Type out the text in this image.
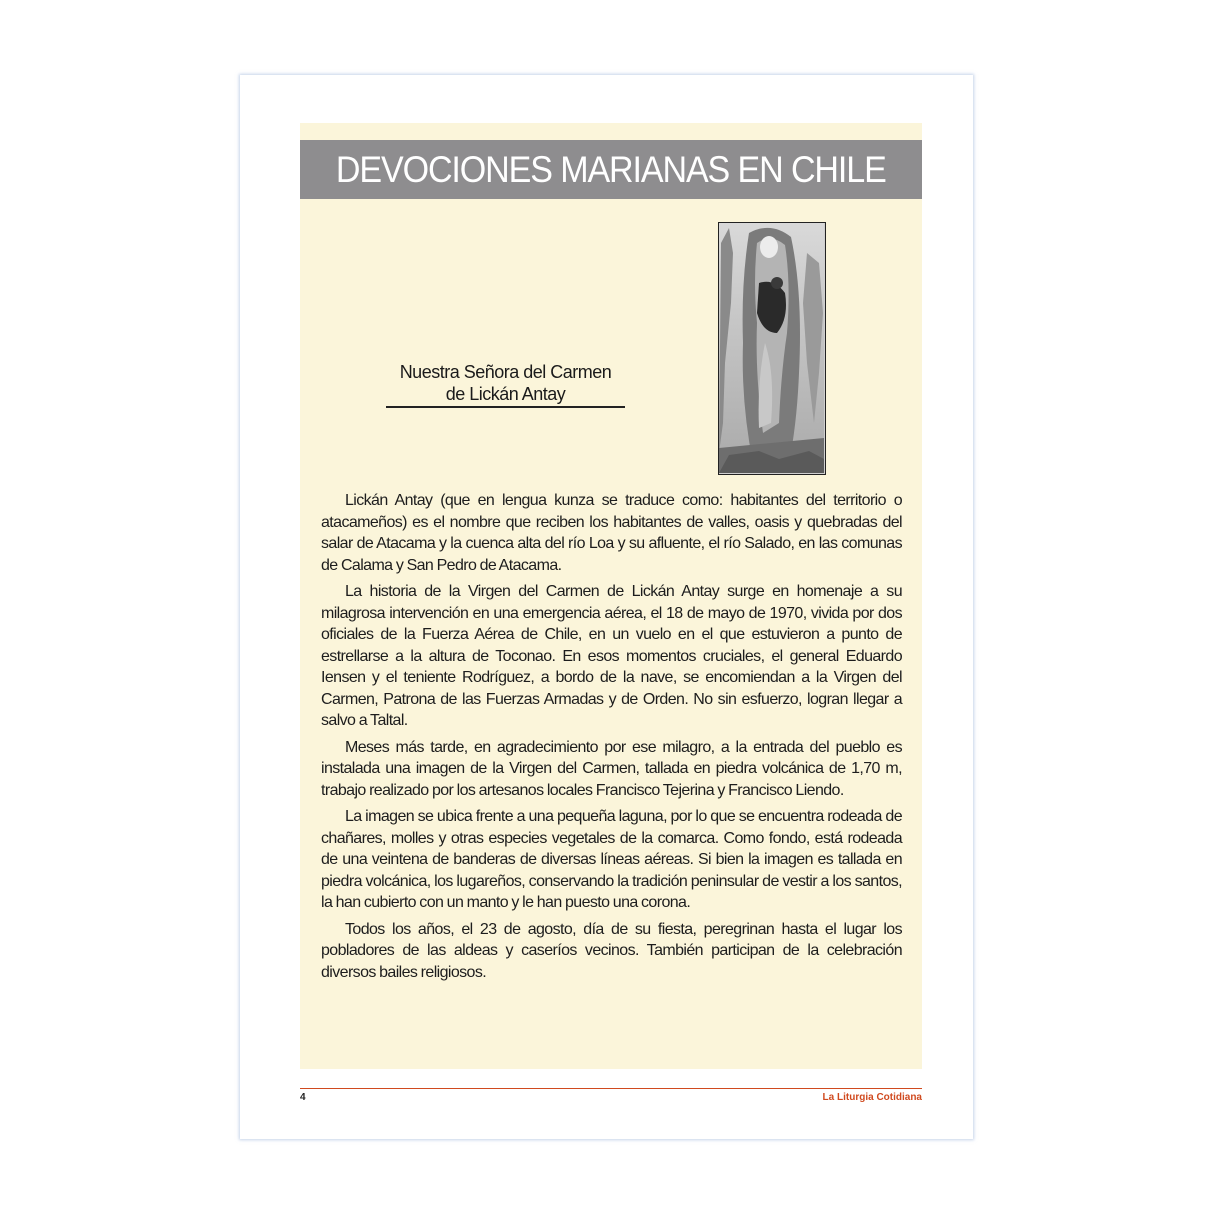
DEVOCIONES MARIANAS EN CHILE
Nuestra Señora del Carmen
de Lickán Antay

Lickán Antay (que en lengua kunza se traduce como: habitantes del territorio o atacameños) es el nombre que reciben los habitantes de valles, oasis y quebradas del salar de Atacama y la cuenca alta del río Loa y su afluente, el río Salado, en las comunas de Calama y San Pedro de Atacama.

La historia de la Virgen del Carmen de Lickán Antay surge en homenaje a su milagrosa intervención en una emergencia aérea, el 18 de mayo de 1970, vivida por dos oficiales de la Fuerza Aérea de Chile, en un vuelo en el que estuvieron a punto de estrellarse a la altura de Toconao. En esos momentos cruciales, el general Eduardo Iensen y el teniente Rodríguez, a bordo de la nave, se encomiendan a la Virgen del Carmen, Patrona de las Fuerzas Armadas y de Orden. No sin esfuerzo, logran llegar a salvo a Taltal.

Meses más tarde, en agradecimiento por ese milagro, a la entrada del pueblo es instalada una imagen de la Virgen del Carmen, tallada en piedra volcánica de 1,70 m, trabajo realizado por los artesanos locales Francisco Tejerina y Francisco Liendo.

La imagen se ubica frente a una pequeña laguna, por lo que se encuentra rodeada de chañares, molles y otras especies vegetales de la comarca. Como fondo, está rodeada de una veintena de banderas de diversas líneas aéreas. Si bien la imagen es tallada en piedra volcánica, los lugareños, conservando la tradición peninsular de vestir a los santos, la han cubierto con un manto y le han puesto una corona.

Todos los años, el 23 de agosto, día de su fiesta, peregrinan hasta el lugar los pobladores de las aldeas y caseríos vecinos. También participan de la celebración diversos bailes religiosos.

4	La Liturgia Cotidiana
